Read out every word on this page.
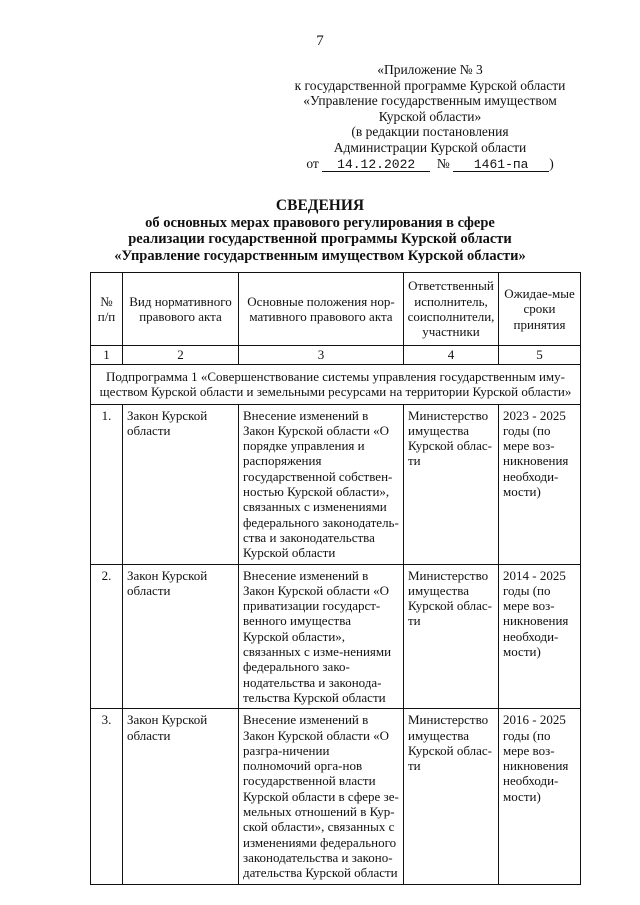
7
«Приложение № 3
к государственной программе Курской области
«Управление государственным имуществом
Курской области»
(в редакции постановления
Администрации Курской области
от 14.12.2022 № 1461-па )
СВЕДЕНИЯ
об основных мерах правового регулирования в сфере
реализации государственной программы Курской области
«Управление государственным имуществом Курской области»
№ п/п	Вид нормативного правового акта	Основные положения нор-мативного правового акта	Ответственный исполнитель, соисполнители, участники	Ожидае-мые сроки принятия
1	2	3	4	5
Подпрограмма 1 «Совершенствование системы управления государственным иму-ществом Курской области и земельными ресурсами на территории Курской области»				
1.	Закон Курской области	Внесение изменений в Закон Курской области «О порядке управления и распоряжения государственной собствен-ностью Курской области», связанных с изменениями федерального законодатель-ства и законодательства Курской области	Министерство имущества Курской облас-ти	2023 - 2025 годы (по мере воз-никновения необходи-мости)
2.	Закон Курской области	Внесение изменений в Закон Курской области «О приватизации государст-венного имущества Курской области», связанных с изме-нениями федерального зако-нодательства и законода-тельства Курской области	Министерство имущества Курской облас-ти	2014 - 2025 годы (по мере воз-никновения необходи-мости)
3.	Закон Курской области	Внесение изменений в Закон Курской области «О разгра-ничении полномочий орга-нов государственной власти Курской области в сфере зе-мельных отношений в Кур-ской области», связанных с изменениями федерального законодательства и законо-дательства Курской области	Министерство имущества Курской облас-ти	2016 - 2025 годы (по мере воз-никновения необходи-мости)
